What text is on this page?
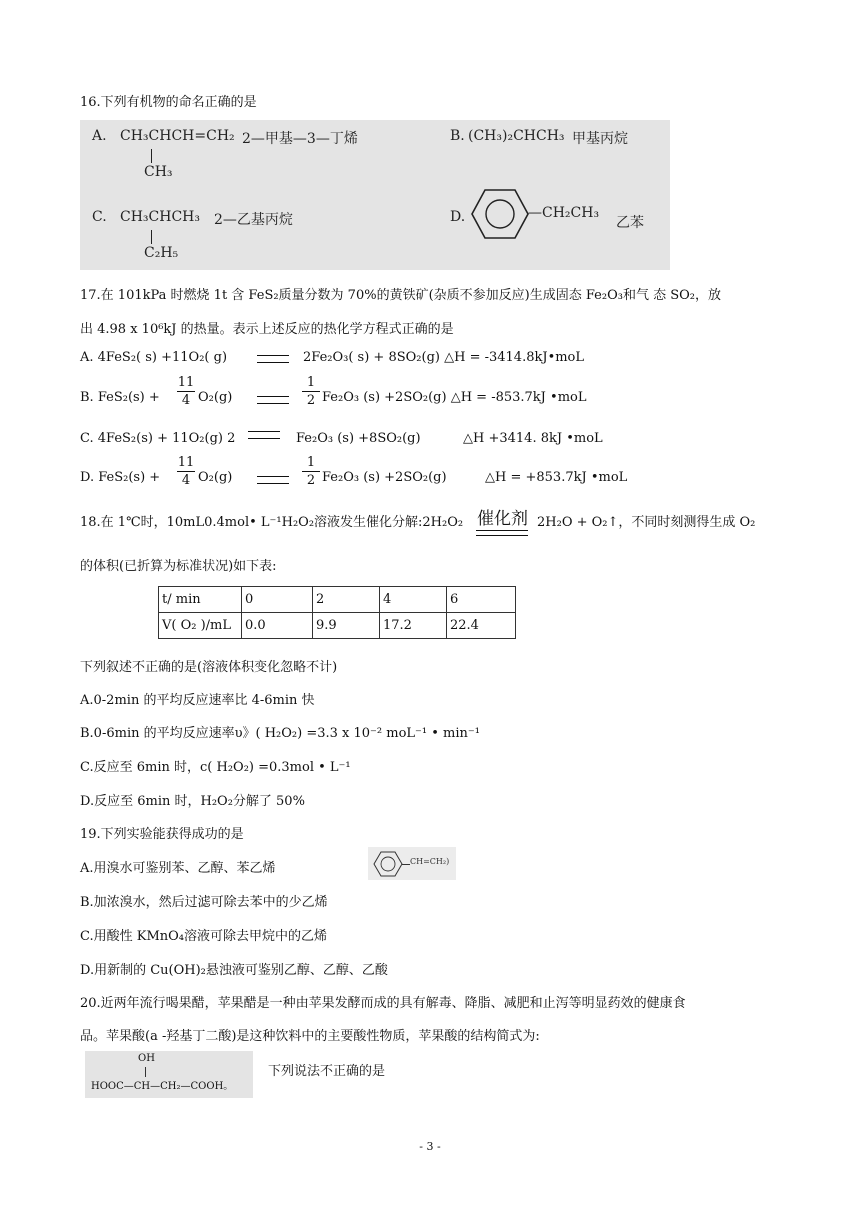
16.下列有机物的命名正确的是
A. CH₃CHCH=CH₂
CH₃
2—甲基—3—丁烯	B. (CH₃)₂CHCH₃ 甲基丙烷
C. CH₃CHCH₃
C₂H₅
2—乙基丙烷	D.	—CH₂CH₃
乙苯
17.在 101kPa 时燃烧 1t 含 FeS₂质量分数为 70%的黄铁矿(杂质不参加反应)生成固态 Fe₂O₃和气 态 SO₂，放
出 4.98 x 10⁶kJ 的热量。表示上述反应的热化学方程式正确的是
A. 4FeS₂( s) +11O₂( g)	2Fe₂O₃( s) + 8SO₂(g) △H = -3414.8kJ•moL
B. FeS₂(s) +
11
4 O₂(g)
1
2 Fe₂O₃ (s) +2SO₂(g) △H = -853.7kJ •moL
C. 4FeS₂(s) + 11O₂(g) 2	Fe₂O₃ (s) +8SO₂(g)	△H +3414. 8kJ •moL
D. FeS₂(s) +
11
4 O₂(g)
1
2 Fe₂O₃ (s) +2SO₂(g)	△H = +853.7kJ •moL
18.在 1℃时，10mL0.4mol• L⁻¹H₂O₂溶液发生催化分解:2H₂O₂ 催化剂 2H₂O + O₂↑，不同时刻测得生成 O₂
的体积(已折算为标准状况)如下表:
t/ min	0	2	4	6
V( O₂ )/mL	0.0	9.9	17.2	22.4
下列叙述不正确的是(溶液体积变化忽略不计)
A.0-2min 的平均反应速率比 4-6min 快
B.0-6min 的平均反应速率υ》( H₂O₂) =3.3 x 10⁻² moL⁻¹ • min⁻¹
C.反应至 6min 时，c( H₂O₂) =0.3mol • L⁻¹
D.反应至 6min 时，H₂O₂分解了 50%
19.下列实验能获得成功的是
A.用溴水可鉴别苯、乙醇、苯乙烯	CH=CH₂)
B.加浓溴水，然后过滤可除去苯中的少乙烯
C.用酸性 KMnO₄溶液可除去甲烷中的乙烯
D.用新制的 Cu(OH)₂悬浊液可鉴别乙醇、乙醇、乙酸
20.近两年流行喝果醋，苹果醋是一种由苹果发酵而成的具有解毒、降脂、减肥和止泻等明显药效的健康食
品。苹果酸(a -羟基丁二酸)是这种饮料中的主要酸性物质，苹果酸的结构简式为:
OH
HOOC—CH—CH₂—COOH。
下列说法不正确的是
- 3 -
